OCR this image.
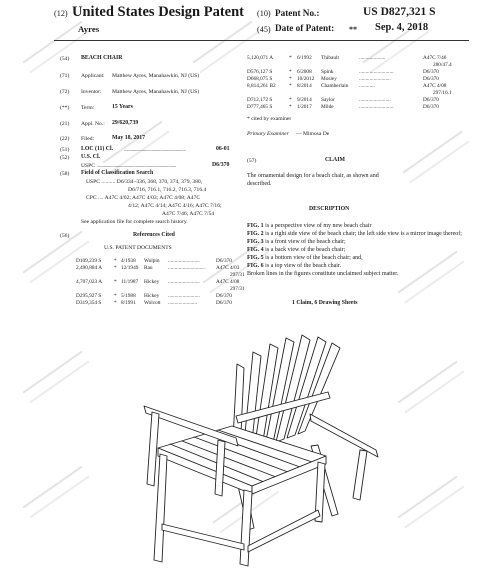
(12) United States Design Patent (10) Patent No.:	US D827,321 S
Ayres	(45) Date of Patent: ** Sep. 4, 2018
(54) BEACH CHAIR
(71) Applicant: Matthew Ayres, Manahawkin, NJ (US)
(72) Inventor: Matthew Ayres, Manahawkin, NJ (US)
(**) Term:	15 Years
(21) Appl. No.: 29/620,739
(22) Filed:	May 18, 2017
(51) LOC (11) Cl. ........................................................	06-01
(52) U.S. Cl.
USPC ........................................................................	D6/370
(58) Field of Classification Search
USPC .......... D6/334–336, 368, 370, 374, 379, 380,
D6/716, 716.1, 716.2, 716.3, 716.4
CPC .... A47C 4/02; A47C 4/03; A47C 4/08; A47C
4/12; A47C 4/14; A47C 4/16; A47C 7/16;
A47C 7/46; A47C 7/54
See application file for complete search history.
(56)	References Cited
U.S. PATENT DOCUMENTS
D109,239 S * 4/1938 Wolpin ........................	D6/370
2,490,884 A * 12/1949 Rau	............................ A47C 4/03
297/31
4,707,023 A * 11/1987 Hickey ........................	A47C 4/08
297/31
D295,927 S * 5/1988 Hickey ........................	D6/370
D319,354 S * 8/1991 Wolcott ......................	D6/370
5,120,071 A	* 6/1992 Thibault	....................	A47C 7/46
280/47.4
D576,127 S	* 6/2008 Spink	..........................	D6/370
D668,075 S	* 10/2012 Mosley	........................	D6/370
8,814,261 B2	* 8/2014 Chamberlain ............	A47C 4/08
297/16.1
D712,172 S	* 9/2014 Saylor	........................	D6/370
D777,465 S	* 1/2017 Milde	..........................	D6/370
* cited by examiner
Primary Examiner — Mimosa De
(57)	CLAIM
The ornamental design for a beach chair, as shown and
described.
DESCRIPTION

FIG. 1 is a perspective view of my new beach chair

FIG. 2 is a right side view of the beach chair; the left side view is a mirror image thereof;

FIG. 3 is a front view of the beach chair;

FIG. 4 is a back view of the beach chair;

FIG. 5 is a bottom view of the beach chair; and,

FIG. 6 is a top view of the beach chair.

Broken lines in the figures constitute unclaimed subject matter.

1 Claim, 6 Drawing Sheets
